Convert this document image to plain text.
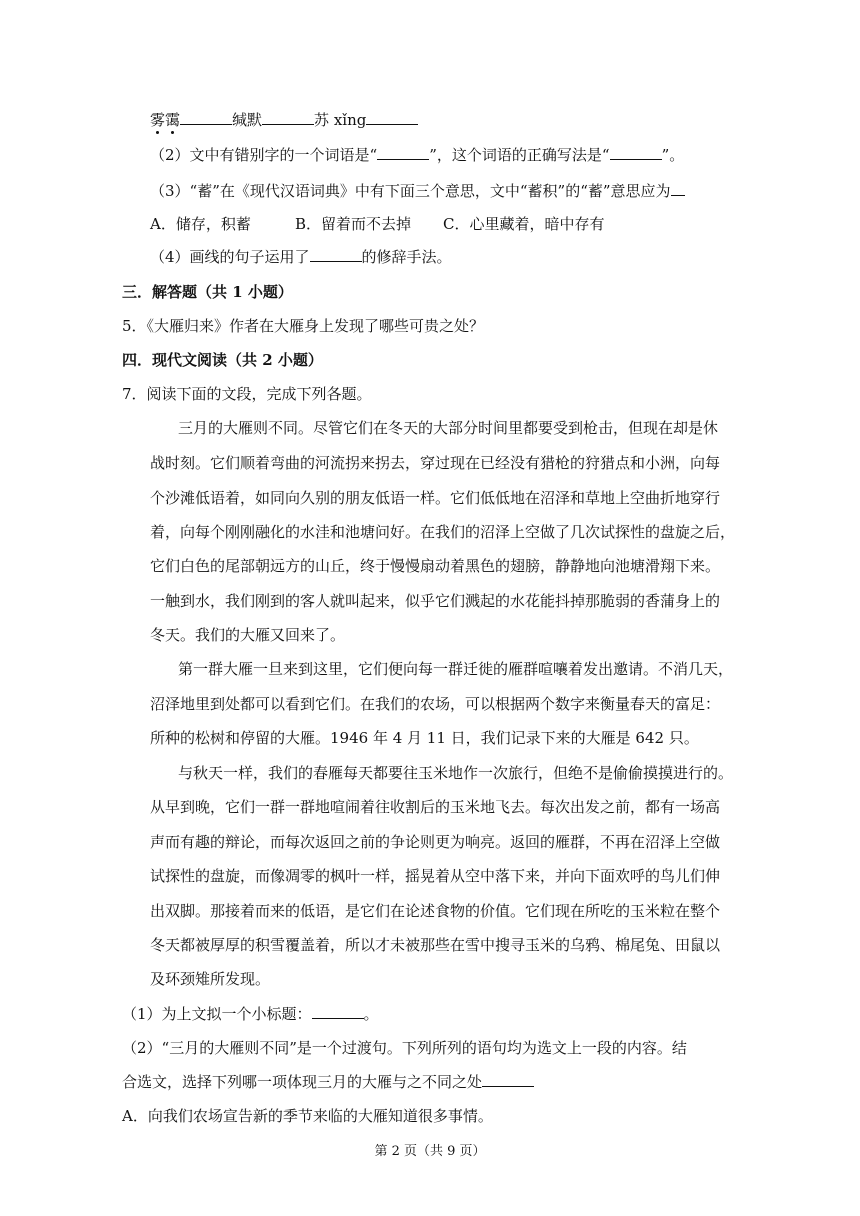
雾霭	缄默	苏 xǐng
（2）文中有错别字的一个词语是“	”，这个词语的正确写法是“	”。
（3）“蓄”在《现代汉语词典》中有下面三个意思，文中“蓄积”的“蓄”意思应为
A．储存，积蓄	B．留着而不去掉 C．心里藏着，暗中存有
（4）画线的句子运用了	的修辞手法。
三．解答题（共 1 小题）
5．《大雁归来》作者在大雁身上发现了哪些可贵之处？
四．现代文阅读（共 2 小题）
7．阅读下面的文段，完成下列各题。
三月的大雁则不同。尽管它们在冬天的大部分时间里都要受到枪击，但现在却是休
战时刻。它们顺着弯曲的河流拐来拐去，穿过现在已经没有猎枪的狩猎点和小洲，向每
个沙滩低语着，如同向久别的朋友低语一样。它们低低地在沼泽和草地上空曲折地穿行
着，向每个刚刚融化的水洼和池塘问好。在我们的沼泽上空做了几次试探性的盘旋之后，
它们白色的尾部朝远方的山丘，终于慢慢扇动着黑色的翅膀，静静地向池塘滑翔下来。
一触到水，我们刚到的客人就叫起来，似乎它们溅起的水花能抖掉那脆弱的香蒲身上的
冬天。我们的大雁又回来了。
第一群大雁一旦来到这里，它们便向每一群迁徙的雁群喧嚷着发出邀请。不消几天，
沼泽地里到处都可以看到它们。在我们的农场，可以根据两个数字来衡量春天的富足：
所种的松树和停留的大雁。1946 年 4 月 11 日，我们记录下来的大雁是 642 只。
与秋天一样，我们的春雁每天都要往玉米地作一次旅行，但绝不是偷偷摸摸进行的。
从早到晚，它们一群一群地喧闹着往收割后的玉米地飞去。每次出发之前，都有一场高
声而有趣的辩论，而每次返回之前的争论则更为响亮。返回的雁群，不再在沼泽上空做
试探性的盘旋，而像凋零的枫叶一样，摇晃着从空中落下来，并向下面欢呼的鸟儿们伸
出双脚。那接着而来的低语，是它们在论述食物的价值。它们现在所吃的玉米粒在整个
冬天都被厚厚的积雪覆盖着，所以才未被那些在雪中搜寻玉米的乌鸦、棉尾兔、田鼠以
及环颈雉所发现。
（1）为上文拟一个小标题：	。
（2）“三月的大雁则不同”是一个过渡句。下列所列的语句均为选文上一段的内容。结
合选文，选择下列哪一项体现三月的大雁与之不同之处
A．向我们农场宣告新的季节来临的大雁知道很多事情。
第 2 页（共 9 页）
